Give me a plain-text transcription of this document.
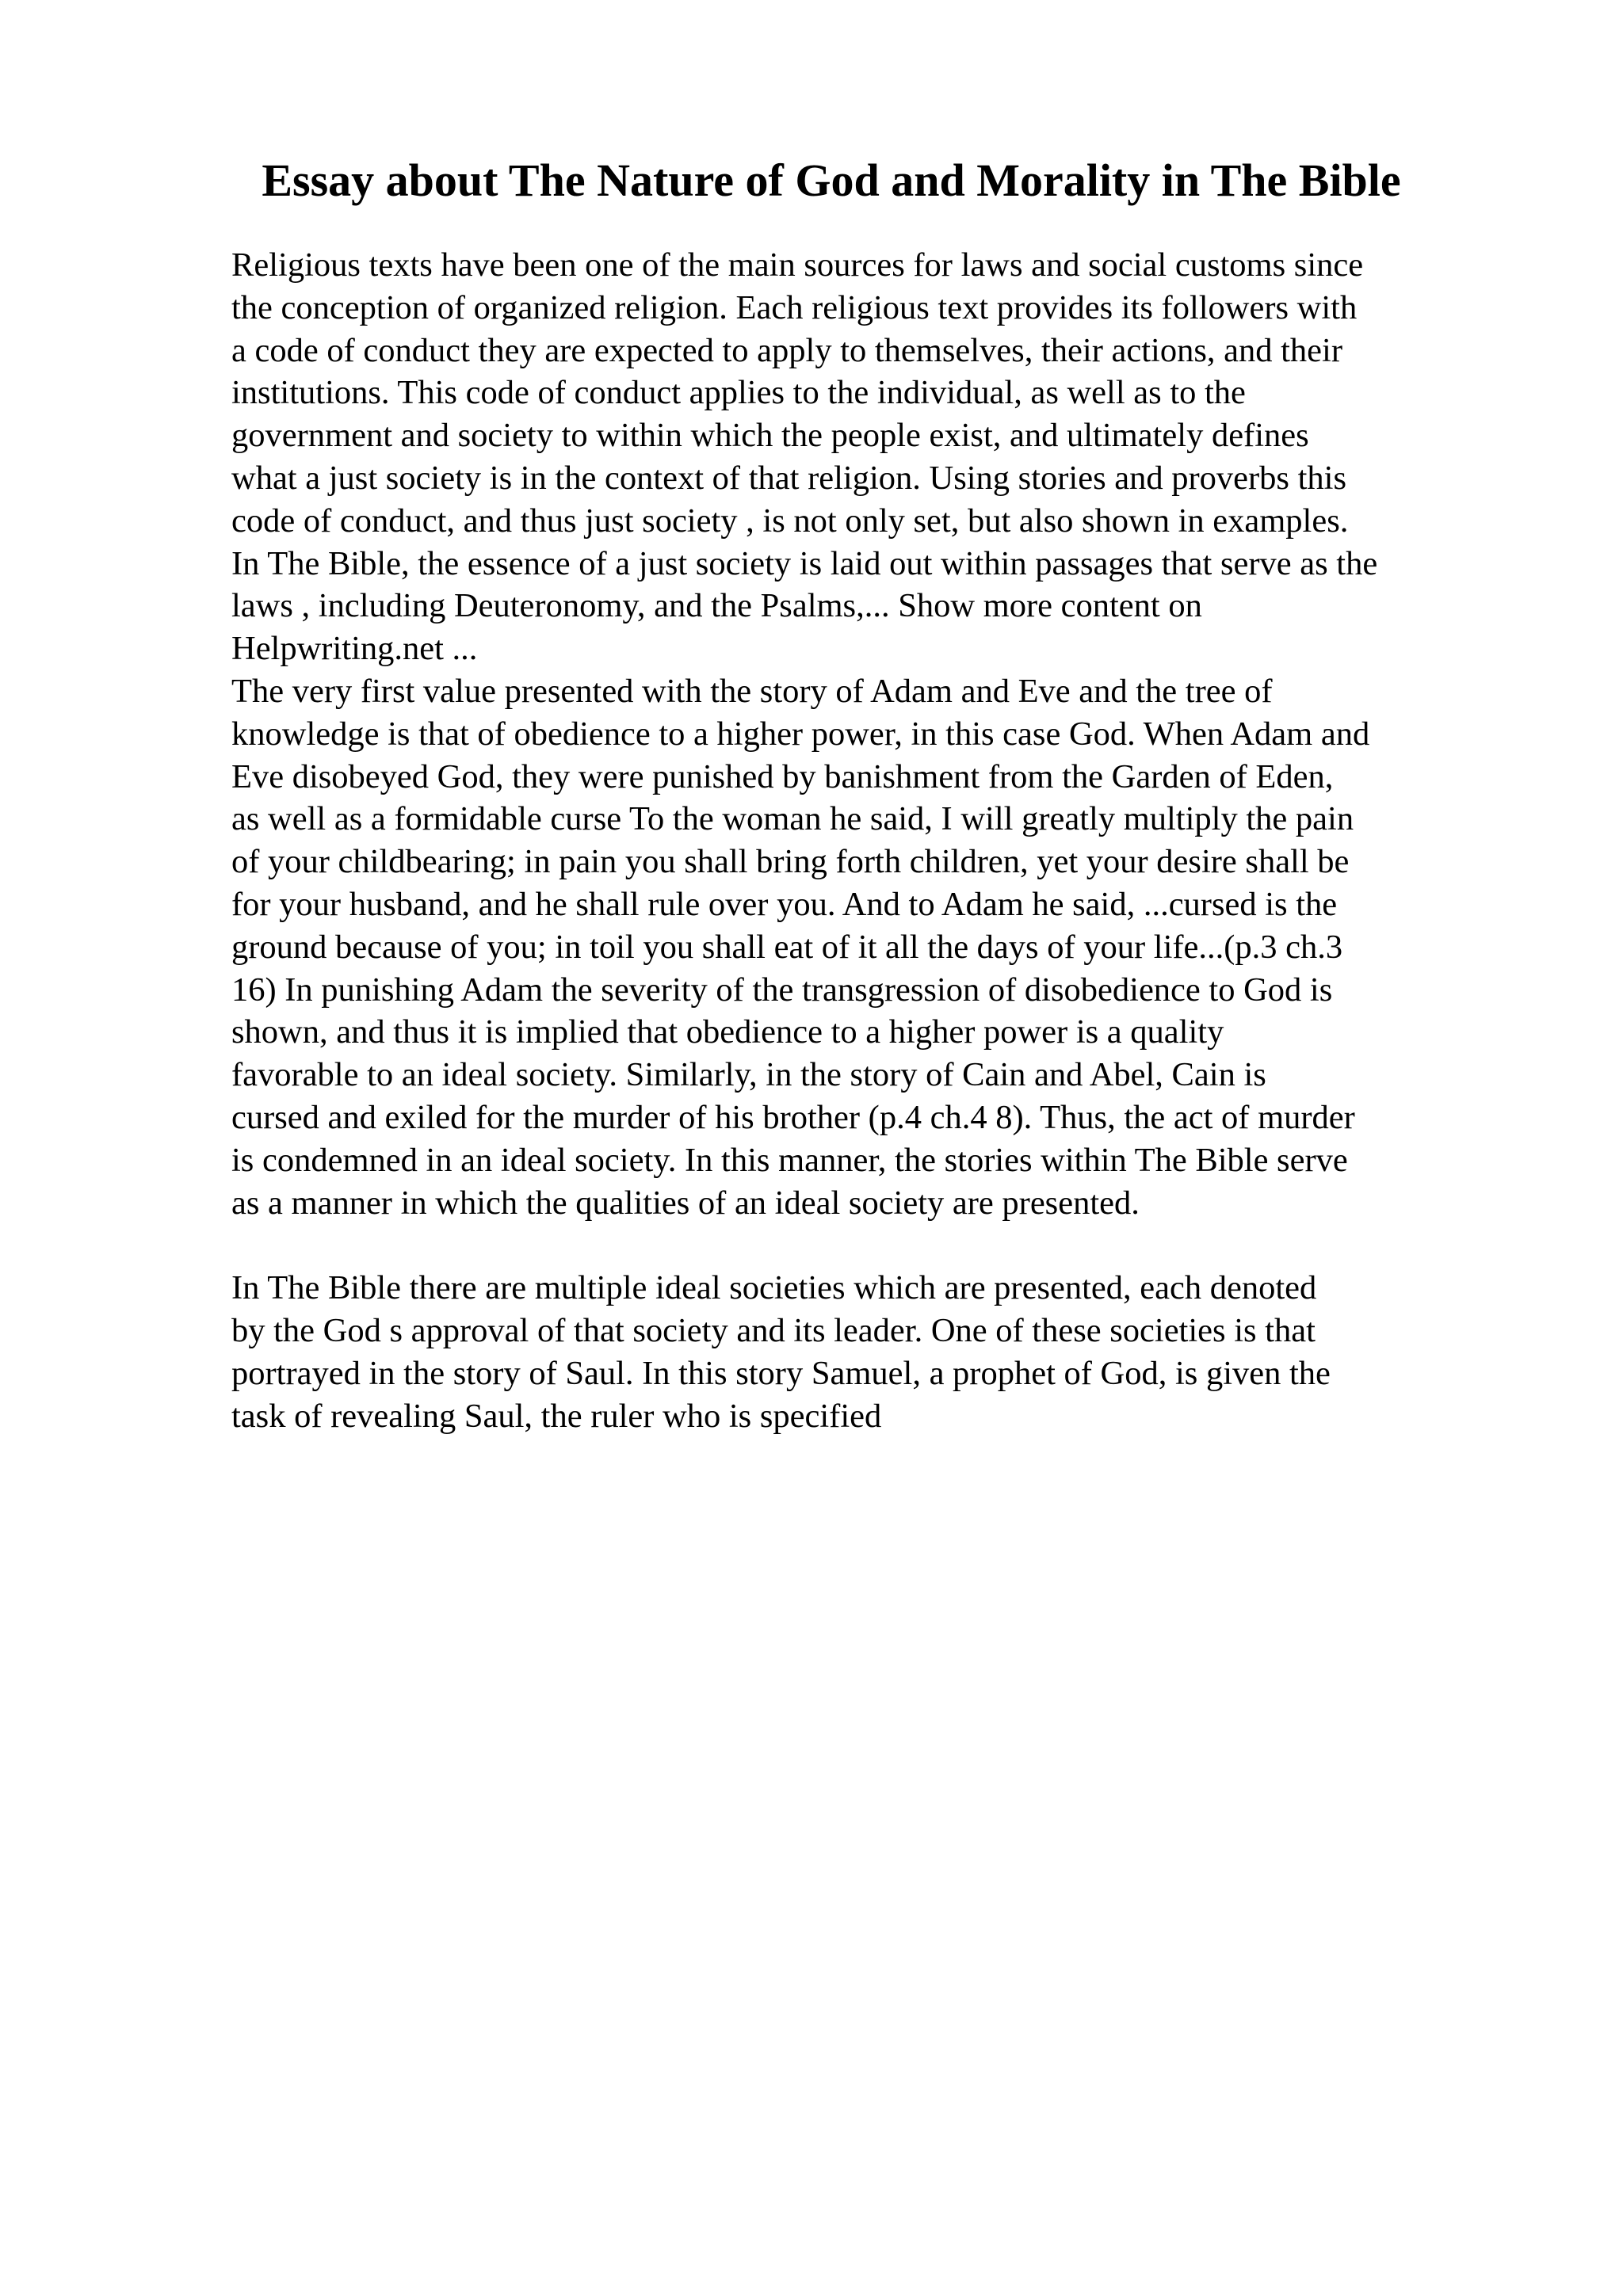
Essay about The Nature of God and Morality in The Bible
Religious texts have been one of the main sources for laws and social customs since
the conception of organized religion. Each religious text provides its followers with
a code of conduct they are expected to apply to themselves, their actions, and their
institutions. This code of conduct applies to the individual, as well as to the
government and society to within which the people exist, and ultimately defines
what a just society is in the context of that religion. Using stories and proverbs this
code of conduct, and thus just society , is not only set, but also shown in examples.
In The Bible, the essence of a just society is laid out within passages that serve as the
laws , including Deuteronomy, and the Psalms,... Show more content on
Helpwriting.net ...
The very first value presented with the story of Adam and Eve and the tree of
knowledge is that of obedience to a higher power, in this case God. When Adam and
Eve disobeyed God, they were punished by banishment from the Garden of Eden,
as well as a formidable curse To the woman he said, I will greatly multiply the pain
of your childbearing; in pain you shall bring forth children, yet your desire shall be
for your husband, and he shall rule over you. And to Adam he said, ...cursed is the
ground because of you; in toil you shall eat of it all the days of your life...(p.3 ch.3
16) In punishing Adam the severity of the transgression of disobedience to God is
shown, and thus it is implied that obedience to a higher power is a quality
favorable to an ideal society. Similarly, in the story of Cain and Abel, Cain is
cursed and exiled for the murder of his brother (p.4 ch.4 8). Thus, the act of murder
is condemned in an ideal society. In this manner, the stories within The Bible serve
as a manner in which the qualities of an ideal society are presented.
In The Bible there are multiple ideal societies which are presented, each denoted
by the God s approval of that society and its leader. One of these societies is that
portrayed in the story of Saul. In this story Samuel, a prophet of God, is given the
task of revealing Saul, the ruler who is specified
